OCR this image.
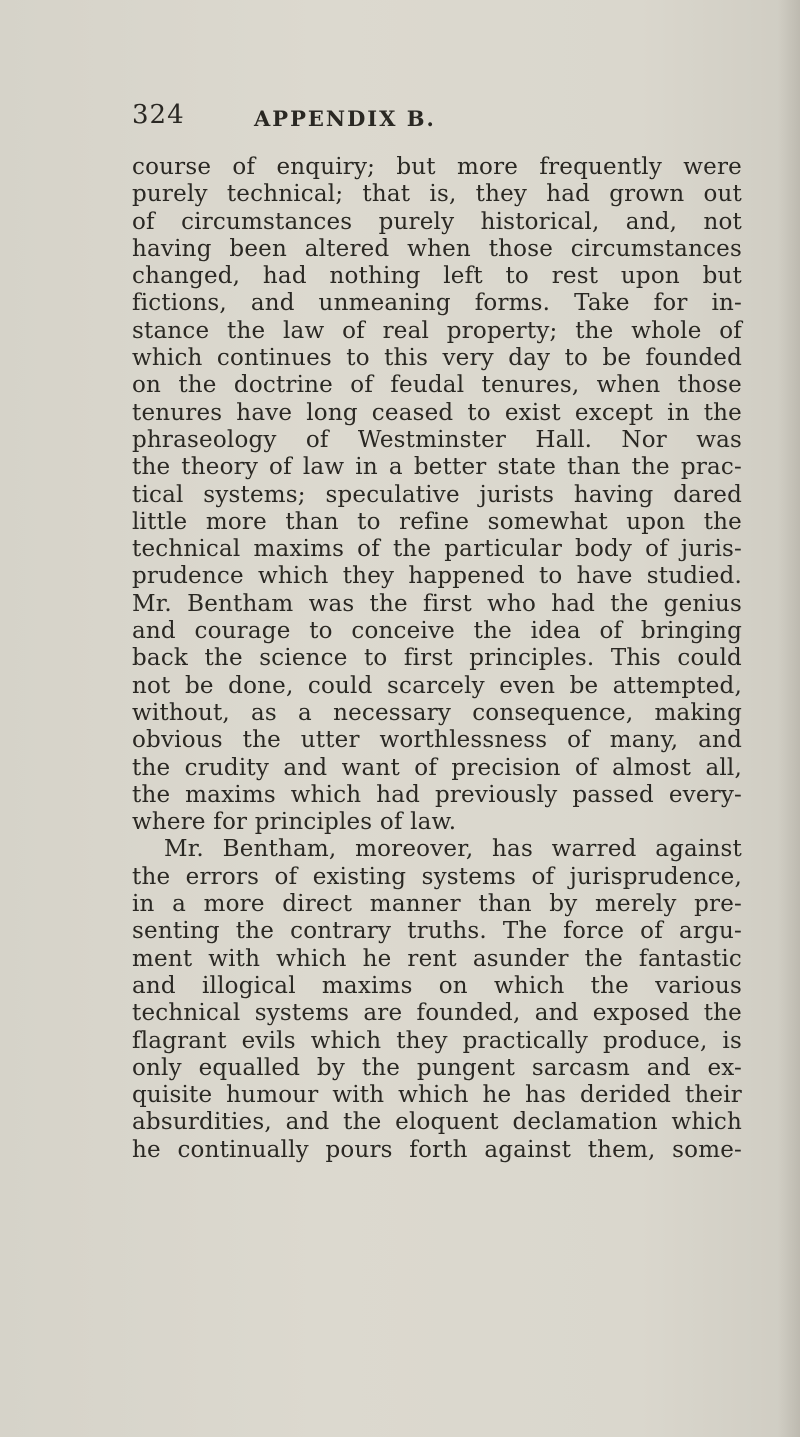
324	APPENDIX B.
course of enquiry; but more frequently were
purely technical; that is, they had grown out
of circumstances purely historical, and, not
having been altered when those circumstances
changed, had nothing left to rest upon but
fictions, and unmeaning forms. Take for in-
stance the law of real property; the whole of
which continues to this very day to be founded
on the doctrine of feudal tenures, when those
tenures have long ceased to exist except in the
phraseology of Westminster Hall. Nor was
the theory of law in a better state than the prac-
tical systems; speculative jurists having dared
little more than to refine somewhat upon the
technical maxims of the particular body of juris-
prudence which they happened to have studied.
Mr. Bentham was the first who had the genius
and courage to conceive the idea of bringing
back the science to first principles. This could
not be done, could scarcely even be attempted,
without, as a necessary consequence, making
obvious the utter worthlessness of many, and
the crudity and want of precision of almost all,
the maxims which had previously passed every-
where for principles of law.
Mr. Bentham, moreover, has warred against
the errors of existing systems of jurisprudence,
in a more direct manner than by merely pre-
senting the contrary truths. The force of argu-
ment with which he rent asunder the fantastic
and illogical maxims on which the various
technical systems are founded, and exposed the
flagrant evils which they practically produce, is
only equalled by the pungent sarcasm and ex-
quisite humour with which he has derided their
absurdities, and the eloquent declamation which
he continually pours forth against them, some-
